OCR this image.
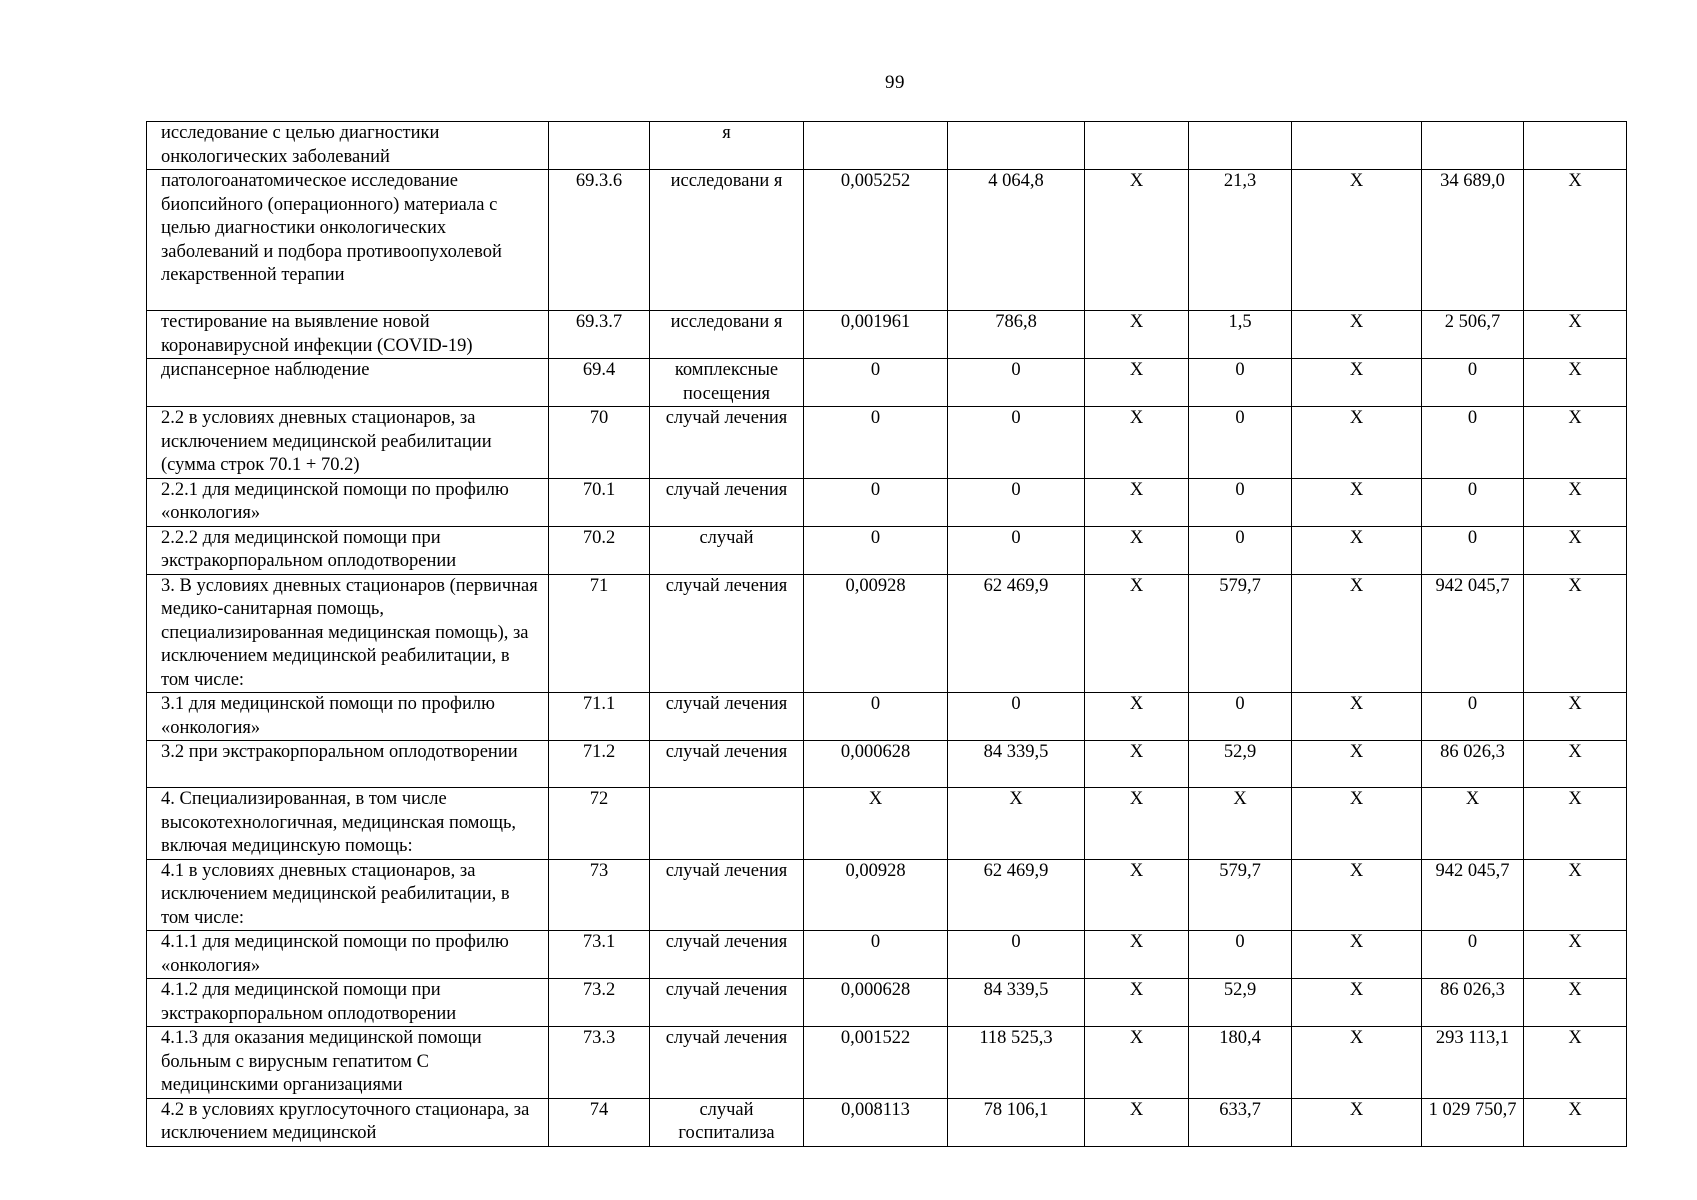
99
исследование с целью диагностики онкологических заболеваний		я							
патологоанатомическое исследование биопсийного (операционного) материала с целью диагностики онкологических заболеваний и подбора противоопухолевой лекарственной терапии	69.3.6	исследовани я	0,005252	4 064,8	X	21,3	X	34 689,0	X
тестирование на выявление новой коронавирусной инфекции (COVID-19)	69.3.7	исследовани я	0,001961	786,8	X	1,5	X	2 506,7	X
диспансерное наблюдение	69.4	комплексные посещения	0	0	X	0	X	0	X
2.2 в условиях дневных стационаров, за исключением медицинской реабилитации (сумма строк 70.1 + 70.2)	70	случай лечения	0	0	X	0	X	0	X
2.2.1 для медицинской помощи по профилю «онкология»	70.1	случай лечения	0	0	X	0	X	0	X
2.2.2 для медицинской помощи при экстракорпоральном оплодотворении	70.2	случай	0	0	X	0	X	0	X
3. В условиях дневных стационаров (первичная медико-санитарная помощь, специализированная медицинская помощь), за исключением медицинской реабилитации, в том числе:	71	случай лечения	0,00928	62 469,9	X	579,7	X	942 045,7	X
3.1 для медицинской помощи по профилю «онкология»	71.1	случай лечения	0	0	X	0	X	0	X
3.2 при экстракорпоральном оплодотворении	71.2	случай лечения	0,000628	84 339,5	X	52,9	X	86 026,3	X
4. Специализированная, в том числе высокотехнологичная, медицинская помощь, включая медицинскую помощь:	72		X	X	X	X	X	X	X
4.1 в условиях дневных стационаров, за исключением медицинской реабилитации, в том числе:	73	случай лечения	0,00928	62 469,9	X	579,7	X	942 045,7	X
4.1.1 для медицинской помощи по профилю «онкология»	73.1	случай лечения	0	0	X	0	X	0	X
4.1.2 для медицинской помощи при экстракорпоральном оплодотворении	73.2	случай лечения	0,000628	84 339,5	X	52,9	X	86 026,3	X
4.1.3 для оказания медицинской помощи больным с вирусным гепатитом С медицинскими организациями	73.3	случай лечения	0,001522	118 525,3	X	180,4	X	293 113,1	X
4.2 в условиях круглосуточного стационара, за исключением медицинской	74	случай госпитализа	0,008113	78 106,1	X	633,7	X	1 029 750,7	X
